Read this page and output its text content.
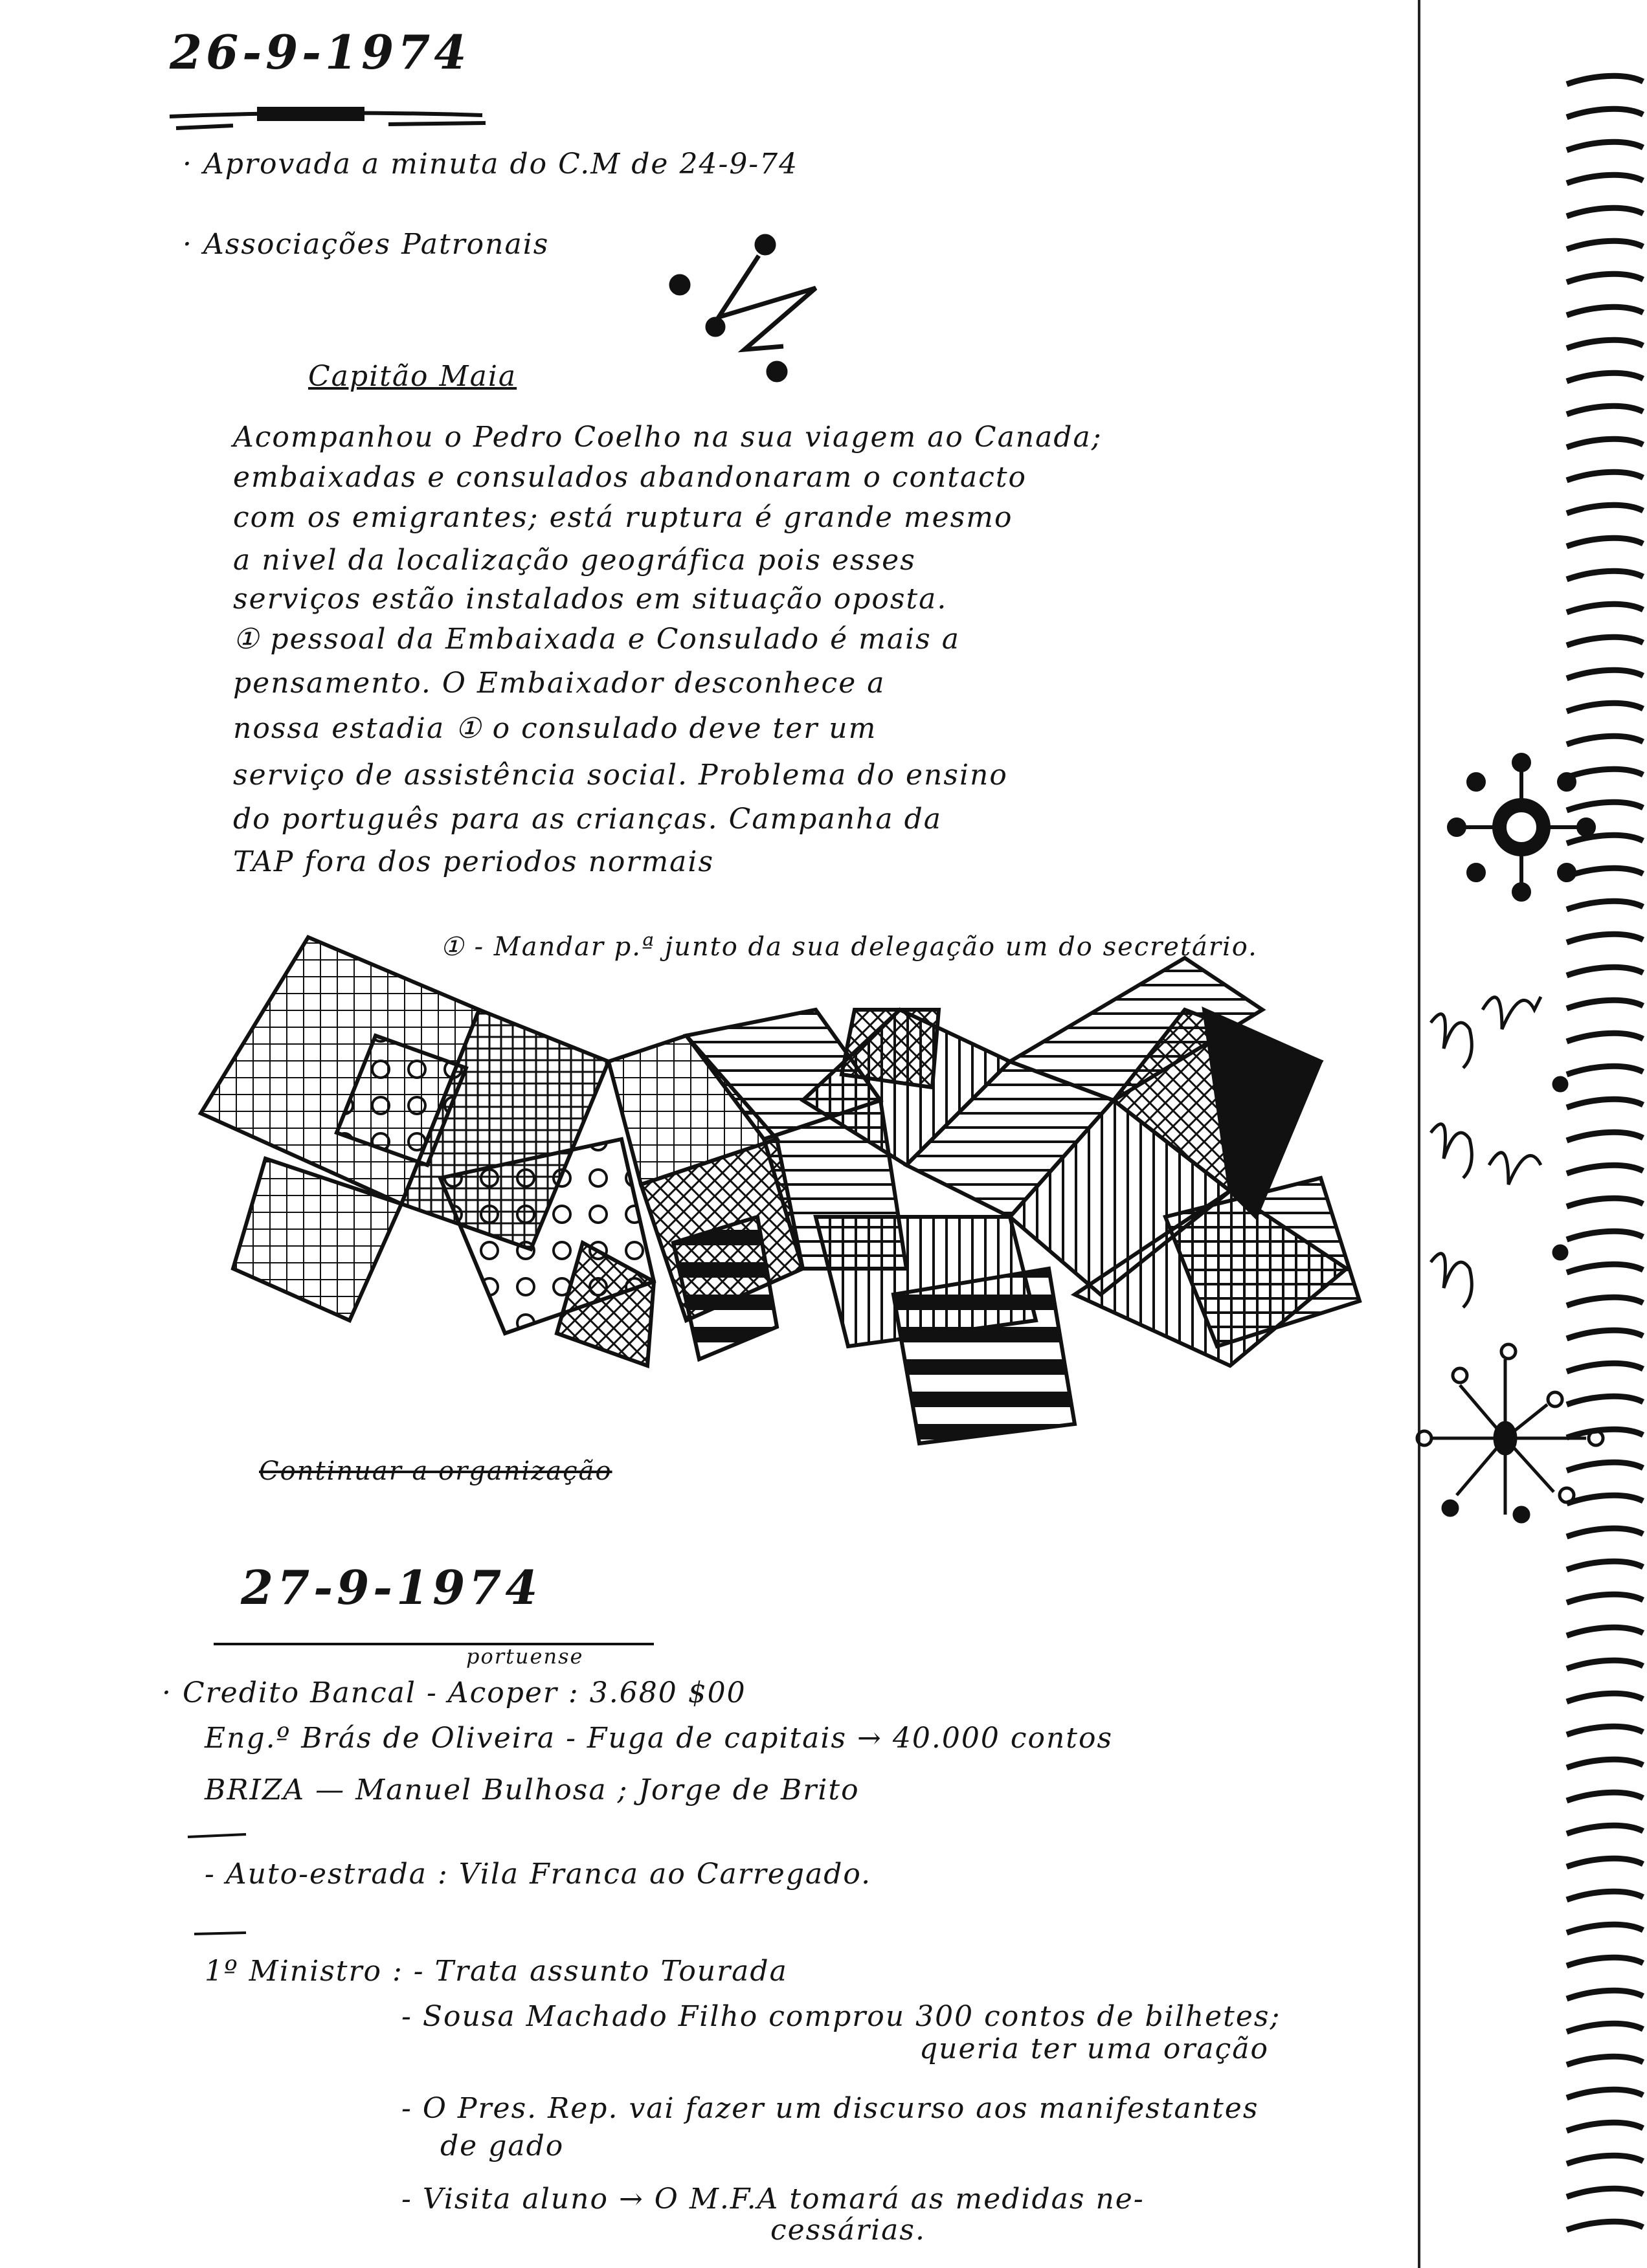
26-9-1974
· Aprovada a minuta do C.M de 24-9-74
· Associações Patronais
Capitão Maia
Acompanhou o Pedro Coelho na sua viagem ao Canada;
embaixadas e consulados abandonaram o contacto
com os emigrantes; está ruptura é grande mesmo
a nivel da localização geográfica pois esses
serviços estão instalados em situação oposta.
① pessoal da Embaixada e Consulado é mais a
pensamento. O Embaixador desconhece a
nossa estadia ① o consulado deve ter um
serviço de assistência social. Problema do ensino
do português para as crianças. Campanha da
TAP fora dos periodos normais
① - Mandar p.ª junto da sua delegação um do secretário.
Continuar a organização
27-9-1974
portuense
· Credito Bancal - Acoper : 3.680 $00
Eng.º Brás de Oliveira - Fuga de capitais → 40.000 contos
BRIZA — Manuel Bulhosa ; Jorge de Brito
- Auto-estrada : Vila Franca ao Carregado.
1º Ministro : - Trata assunto Tourada
- Sousa Machado Filho comprou 300 contos de bilhetes;
queria ter uma oração
- O Pres. Rep. vai fazer um discurso aos manifestantes
de gado
- Visita aluno → O M.F.A tomará as medidas ne-
cessárias.
